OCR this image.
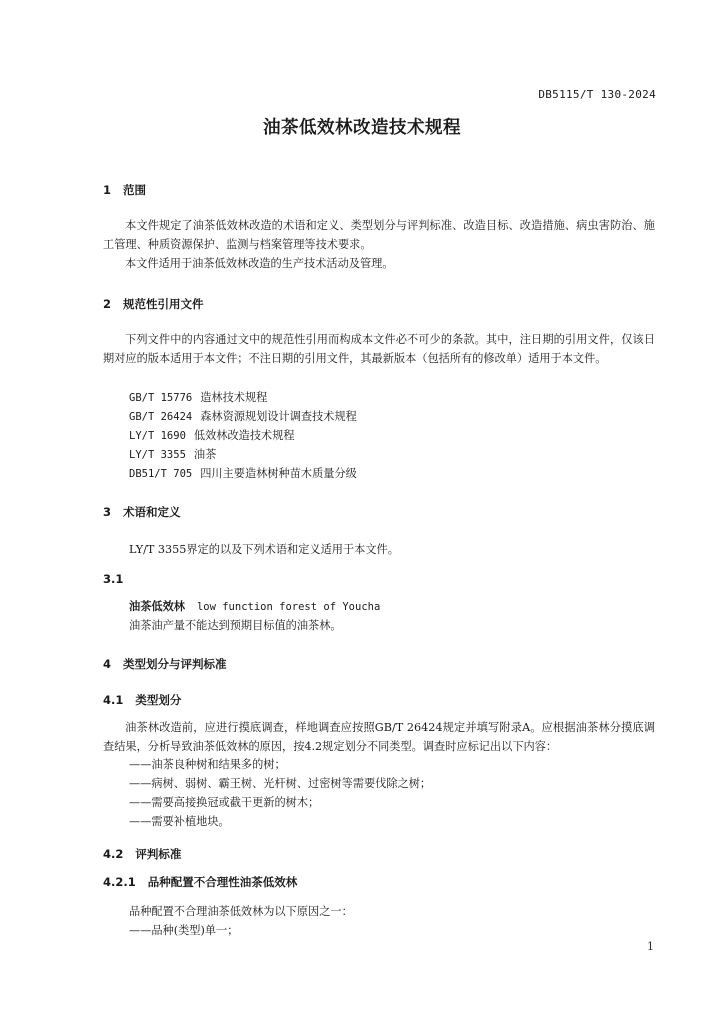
DB5115/T 130-2024
油茶低效林改造技术规程
1 范围
本文件规定了油茶低效林改造的术语和定义、类型划分与评判标准、改造目标、改造措施、病虫害防治、施工管理、种质资源保护、监测与档案管理等技术要求。
本文件适用于油茶低效林改造的生产技术活动及管理。
2 规范性引用文件
下列文件中的内容通过文中的规范性引用而构成本文件必不可少的条款。其中，注日期的引用文件，仅该日期对应的版本适用于本文件；不注日期的引用文件，其最新版本（包括所有的修改单）适用于本文件。
GB/T 15776 造林技术规程
GB/T 26424 森林资源规划设计调查技术规程
LY/T 1690 低效林改造技术规程
LY/T 3355 油茶
DB51/T 705 四川主要造林树种苗木质量分级
3 术语和定义
LY/T 3355界定的以及下列术语和定义适用于本文件。
3.1
油茶低效林 low function forest of Youcha
油茶油产量不能达到预期目标值的油茶林。
4 类型划分与评判标准
4.1 类型划分
油茶林改造前，应进行摸底调查，样地调查应按照GB/T 26424规定并填写附录A。应根据油茶林分摸底调查结果，分析导致油茶低效林的原因，按4.2规定划分不同类型。调查时应标记出以下内容：
——油茶良种树和结果多的树；
——病树、弱树、霸王树、光杆树、过密树等需要伐除之树；
——需要高接换冠或截干更新的树木；
——需要补植地块。
4.2 评判标准
4.2.1 品种配置不合理性油茶低效林
品种配置不合理油茶低效林为以下原因之一：
——品种(类型)单一；
1
